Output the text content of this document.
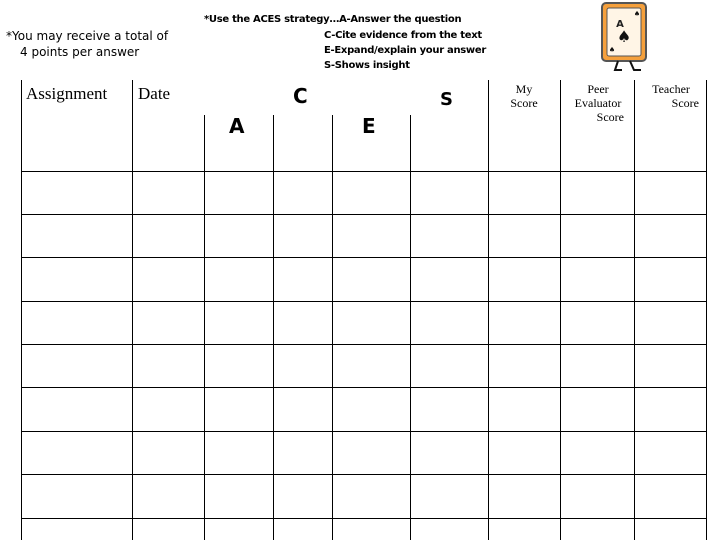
*You may receive a total of
4 points per answer
*Use the ACES strategy…A-Answer the question
C-Cite evidence from the text
E-Expand/explain your answer
S-Shows insight
A
♠
♠
♠
Assignment Date
A
C
E
S	My
Score
Peer
Evaluator
Score
Teacher
Score
